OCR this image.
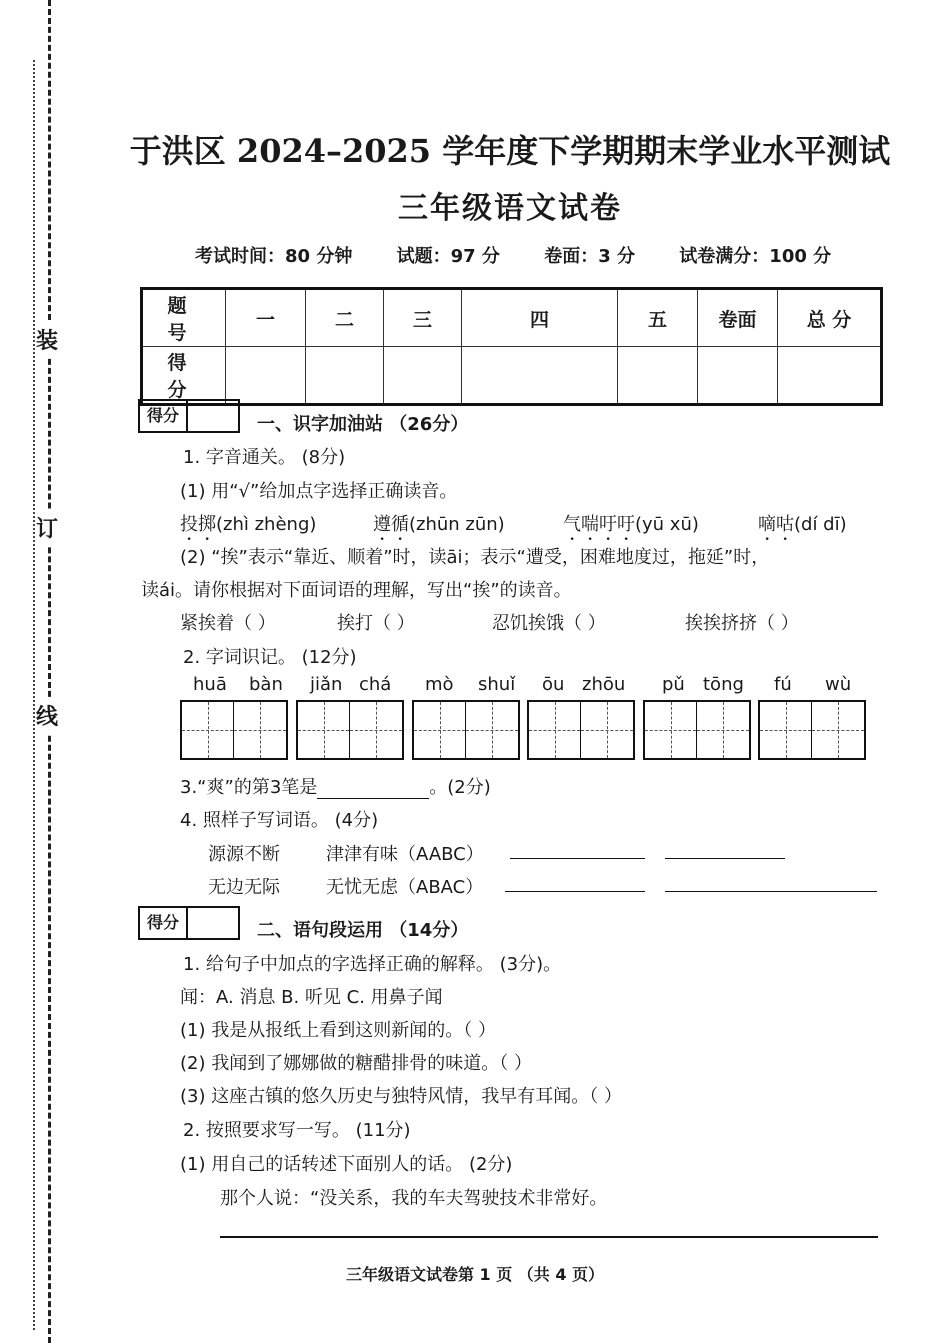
装
订
线
于洪区 2024–2025 学年度下学期期末学业水平测试
三年级语文试卷
考试时间：80 分钟 试题：97 分 卷面：3 分 试卷满分：100 分
题 号	一	二	三	四	五	卷面	总 分
得 分							
得分	一、识字加油站 （26分）
1. 字音通关。 (8分)
(1) 用“√”给加点字选择正确读音。
投掷(zhì zhèng)	遵循(zhūn zūn)	气喘吁吁(yū xū)	嘀咕(dí dī)
(2) “挨”表示“靠近、顺着”时，读āi；表示“遭受，困难地度过，拖延”时，
读ái。请你根据对下面词语的理解，写出“挨”的读音。
紧挨着（ ）	挨打（ ）	忍饥挨饿（ ）	挨挨挤挤（ ）
2. 字词识记。 (12分)
huā bàn jiǎn chá mò shuǐ ōu zhōu pǔ tōng fú wù
3.“爽”的第3笔是	。(2分)
4. 照样子写词语。 (4分)
源源不断	津津有味（AABC）
无边无际	无忧无虑（ABAC）
得分	二、语句段运用 （14分）
1. 给句子中加点的字选择正确的解释。 (3分)。
闻：A. 消息 B. 听见 C. 用鼻子闻
(1) 我是从报纸上看到这则新闻的。（ ）
(2) 我闻到了娜娜做的糖醋排骨的味道。（ ）
(3) 这座古镇的悠久历史与独特风情，我早有耳闻。（ ）
2. 按照要求写一写。 (11分)
(1) 用自己的话转述下面别人的话。 (2分)
那个人说：“没关系，我的车夫驾驶技术非常好。
三年级语文试卷第 1 页 （共 4 页）
